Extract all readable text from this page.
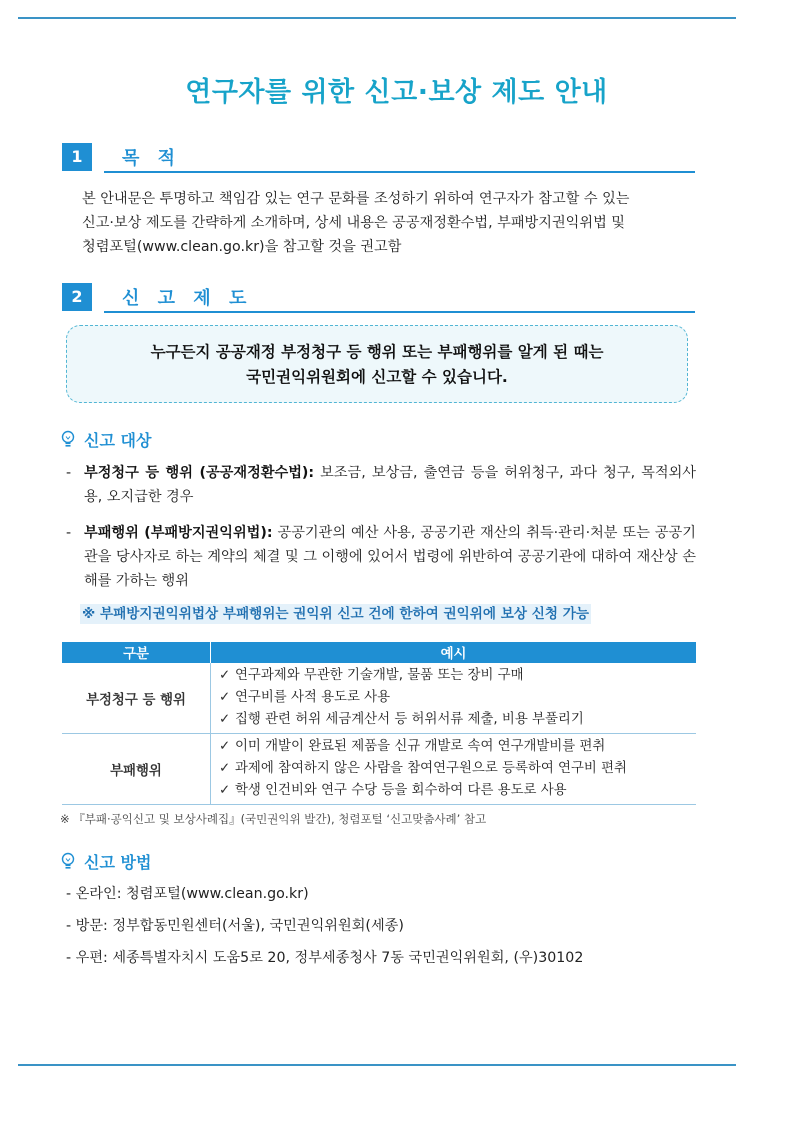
연구자를 위한 신고·보상 제도 안내
1	목 적
본 안내문은 투명하고 책임감 있는 연구 문화를 조성하기 위하여 연구자가 참고할 수 있는
신고·보상 제도를 간략하게 소개하며, 상세 내용은 공공재정환수법, 부패방지권익위법 및
청렴포털(www.clean.go.kr)을 참고할 것을 권고함
2	신 고 제 도
누구든지 공공재정 부정청구 등 행위 또는 부패행위를 알게 된 때는
국민권익위원회에 신고할 수 있습니다.
신고 대상
- 부정청구 등 행위 (공공재정환수법): 보조금, 보상금, 출연금 등을 허위청구, 과다 청구, 목적외사용, 오지급한 경우
- 부패행위 (부패방지권익위법): 공공기관의 예산 사용, 공공기관 재산의 취득·관리·처분 또는 공공기관을 당사자로 하는 계약의 체결 및 그 이행에 있어서 법령에 위반하여 공공기관에 대하여 재산상 손해를 가하는 행위
※ 부패방지권익위법상 부패행위는 권익위 신고 건에 한하여 권익위에 보상 신청 가능
구분	예시
부정청구 등 행위	✓ 연구과제와 무관한 기술개발, 물품 또는 장비 구매
✓ 연구비를 사적 용도로 사용
✓ 집행 관련 허위 세금계산서 등 허위서류 제출, 비용 부풀리기

부패행위	✓ 이미 개발이 완료된 제품을 신규 개발로 속여 연구개발비를 편취
✓ 과제에 참여하지 않은 사람을 참여연구원으로 등록하여 연구비 편취
✓ 학생 인건비와 연구 수당 등을 회수하여 다른 용도로 사용
※ 『부패·공익신고 및 보상사례집』(국민권익위 발간), 청렴포털 ‘신고맞춤사례’ 참고
신고 방법
- 온라인: 청렴포털(www.clean.go.kr)
- 방문: 정부합동민원센터(서울), 국민권익위원회(세종)
- 우편: 세종특별자치시 도움5로 20, 정부세종청사 7동 국민권익위원회, (우)30102
